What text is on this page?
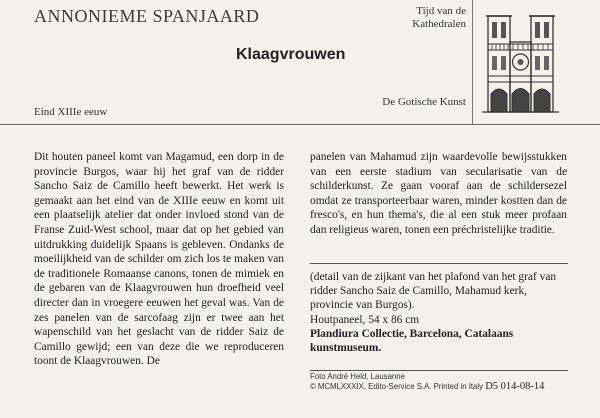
ANNONIEME SPANJAARD
Klaagvrouwen
Eind XIIIe eeuw
Tijd van de Kathedralen
De Gotische Kunst
Dit houten paneel komt van Magamud, een dorp in de provincie Burgos, waar hij het graf van de ridder Sancho Saiz de Camillo heeft bewerkt. Het werk is gemaakt aan het eind van de XIIIe eeuw en komt uit een plaatselijk atelier dat onder invloed stond van de Franse Zuid-West school, maar dat op het gebied van uitdrukking duidelijk Spaans is gebleven. Ondanks de moeilijkheid van de schilder om zich los te maken van de traditionele Romaanse canons, tonen de mimiek en de gebaren van de Klaagvrouwen hun droefheid veel directer dan in vroegere eeuwen het geval was. Van de zes panelen van de sarcofaag zijn er twee aan het wapenschild van het geslacht van de ridder Saiz de Camillo gewijd; een van deze die we reproduceren toont de Klaagvrouwen. De
panelen van Mahamud zijn waardevolle bewijsstukken van een eerste stadium van secularisatie van de schilderkunst. Ze gaan vooraf aan de schildersezel omdat ze transporteerbaar waren, minder kostten dan de fresco's, en hun thema's, die al een stuk meer profaan dan religieus waren, tonen een préchristelijke traditie.
(detail van de zijkant van het plafond van het graf van ridder Sancho Saiz de Camillo, Mahamud kerk, provincie van Burgos).
Houtpaneel, 54 x 86 cm
Plandiura Collectie, Barcelona, Catalaans kunstmuseum.
Foto André Held, Lausanne
© MCMLXXXIX, Edito-Service S.A. Printed in Italy D5 014-08-14
